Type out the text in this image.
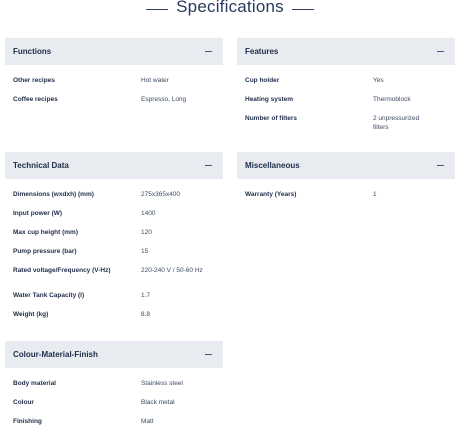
Specifications
Functions
Other recipes	Hot water
Coffee recipes	Espresso, Long
Features
Cup holder	Yes
Heating system	Thermoblock
Number of filters	2 unpressurized filters
Technical Data
Dimensions (wxdxh) (mm)	275x365x400
Input power (W)	1400
Max cup height (mm)	120
Pump pressure (bar)	15
Rated voltage/Frequency (V-Hz)	220-240 V / 50-60 Hz
Water Tank Capacity (l)	1.7
Weight (kg)	8.8
Miscellaneous
Warranty (Years)	1
Colour-Material-Finish
Body material	Stainless steel
Colour	Black metal
Finishing	Matt
